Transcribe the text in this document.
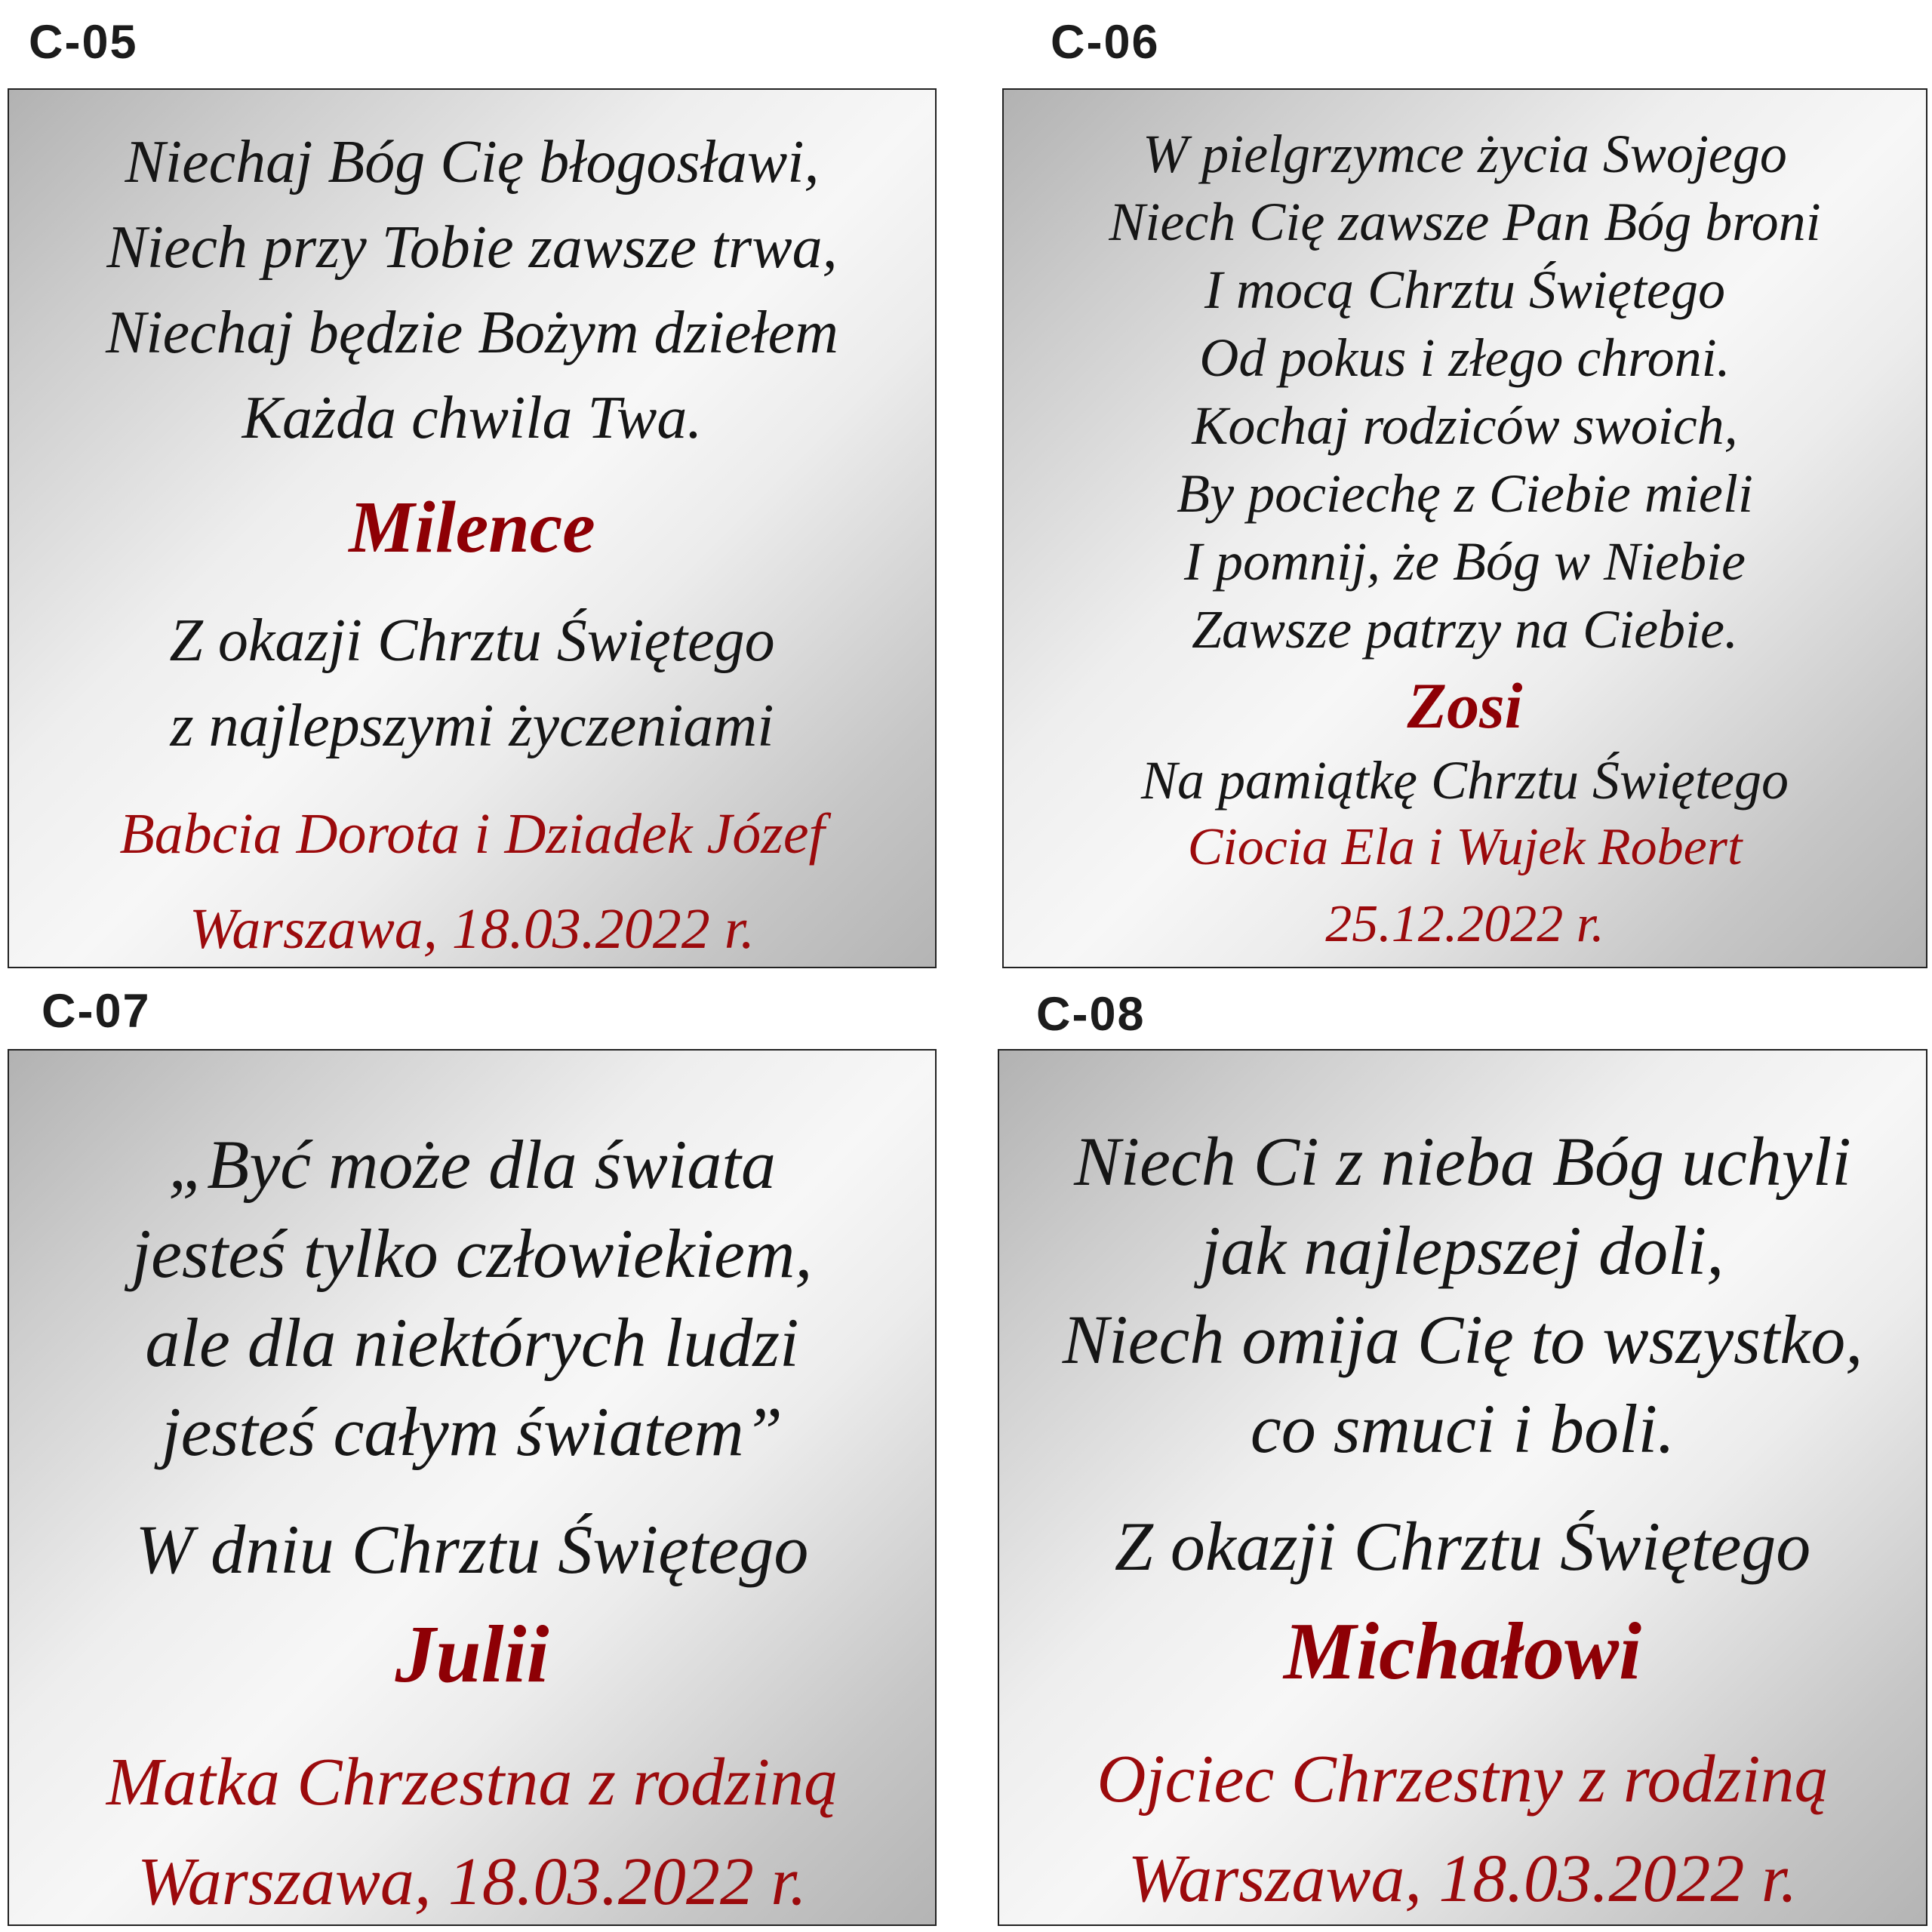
C-05
Niechaj Bóg Cię błogosławi,
Niech przy Tobie zawsze trwa,
Niechaj będzie Bożym dziełem
Każda chwila Twa.
Milence
Z okazji Chrztu Świętego
z najlepszymi życzeniami
Babcia Dorota i Dziadek Józef
Warszawa, 18.03.2022 r.
C-06
W pielgrzymce życia Swojego
Niech Cię zawsze Pan Bóg broni
I mocą Chrztu Świętego
Od pokus i złego chroni.
Kochaj rodziców swoich,
By pociechę z Ciebie mieli
I pomnij, że Bóg w Niebie
Zawsze patrzy na Ciebie.
Zosi
Na pamiątkę Chrztu Świętego
Ciocia Ela i Wujek Robert
25.12.2022 r.
C-07
„Być może dla świata
jesteś tylko człowiekiem,
ale dla niektórych ludzi
jesteś całym światem”
W dniu Chrztu Świętego
Julii
Matka Chrzestna z rodziną
Warszawa, 18.03.2022 r.
C-08
Niech Ci z nieba Bóg uchyli
jak najlepszej doli,
Niech omija Cię to wszystko,
co smuci i boli.
Z okazji Chrztu Świętego
Michałowi
Ojciec Chrzestny z rodziną
Warszawa, 18.03.2022 r.
